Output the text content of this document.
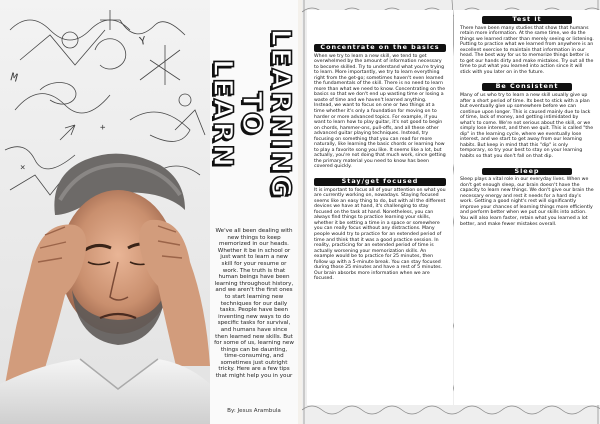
Y
M
+
×	LEARNING
TO
LEARN
We've all been dealing with new things to keep memorized in our heads. Whether it be in school or just want to learn a new skill for your resume or work. The truth is that human beings have been learning throughout history, and we aren't the first ones to start learning new techniques for our daily tasks. People have been inventing new ways to do specific tasks for survival, and humans have since then learned new skills. But for some of us, learning new things can be daunting, time-consuming, and sometimes just outright tricky. Here are a few tips that might help you in your
By: Jesus Arambula
Concentrate on the basics

When we try to learn a new skill, we tend to get overwhelmed by the amount of information necessary to become skilled. Try to understand what you're trying to learn. More importantly, we try to learn everything right from the get-go; sometimes haven't even learned the fundamentals of the skill. There is no need to learn more than what we need to know. Concentrating on the basics so that we don't end up wasting time or losing a waste of time and we haven't learned anything. Instead, we want to focus on one or two things at a time whether it's only a foundation for moving on to harder or more advanced topics. For example, if you want to learn how to play guitar, it's not good to begin on chords, hammer-ons, pull-offs, and all these other advanced guitar playing techniques. Instead, try focusing on something that you can read for more naturally, like learning the basic chords or learning how to play a favorite song you like. It seems like a lot, but actually, you're not doing that much work, since getting the primary material you need to know has been covered quickly.

Stay/get focused

It is important to focus all of your attention on what you are currently working on, nowadays. Staying focused seems like an easy thing to do, but with all the different devices we have at hand, it's challenging to stay focused on the task at hand. Nonetheless, you can always find things to practice learning your skills, whether it be setting a time in a space or somewhere you can really focus without any distractions. Many people would try to practice for an extended period of time and think that it was a good practice session. In reality, practicing for an extended period of time is actually worsening your memorization skills. An example would be to practice for 25 minutes, then follow up with a 5-minute break. You can stay focused during those 25 minutes and have a rest of 5 minutes. Our brain absorbs more information when we are focused.

Test it

There have been many studies that show that humans retain more information. At the same time, we do the things we learned rather than merely seeing or listening. Putting to practice what we learned from anywhere is an excellent exercise to maintain that information in our head. The best way for us to memorize things better is to get our hands dirty and make mistakes. Try out all the time to put what you learned into action since it will stick with you later on in the future.

Be Consistent

Many of us who try to learn a new skill usually give up after a short period of time. Its best to stick with a plan but eventually give up somewhere before we can continue upon longer. This is caused mainly due to lack of time, lack of money, and getting intimidated by what's to come. We're not serious about the skill, or we simply lose interest, and then we quit. This is called "the dip" in the learning cycle, where we eventually lose interest, and we start to get away from our learning habits. But keep in mind that this "dip" is only temporary, so try your best to stay on your learning habits so that you don't fall on that dip.

Sleep

Sleep plays a vital role in our everyday lives. When we don't get enough sleep, our brain doesn't have the capacity to learn new things. We don't give our brain the necessary energy and rest it needs for a hard day's work. Getting a good night's rest will significantly improve your chances of learning things more efficiently and perform better when we put our skills into action. You will also learn faster, retain what you learned a lot better, and make fewer mistakes overall.
